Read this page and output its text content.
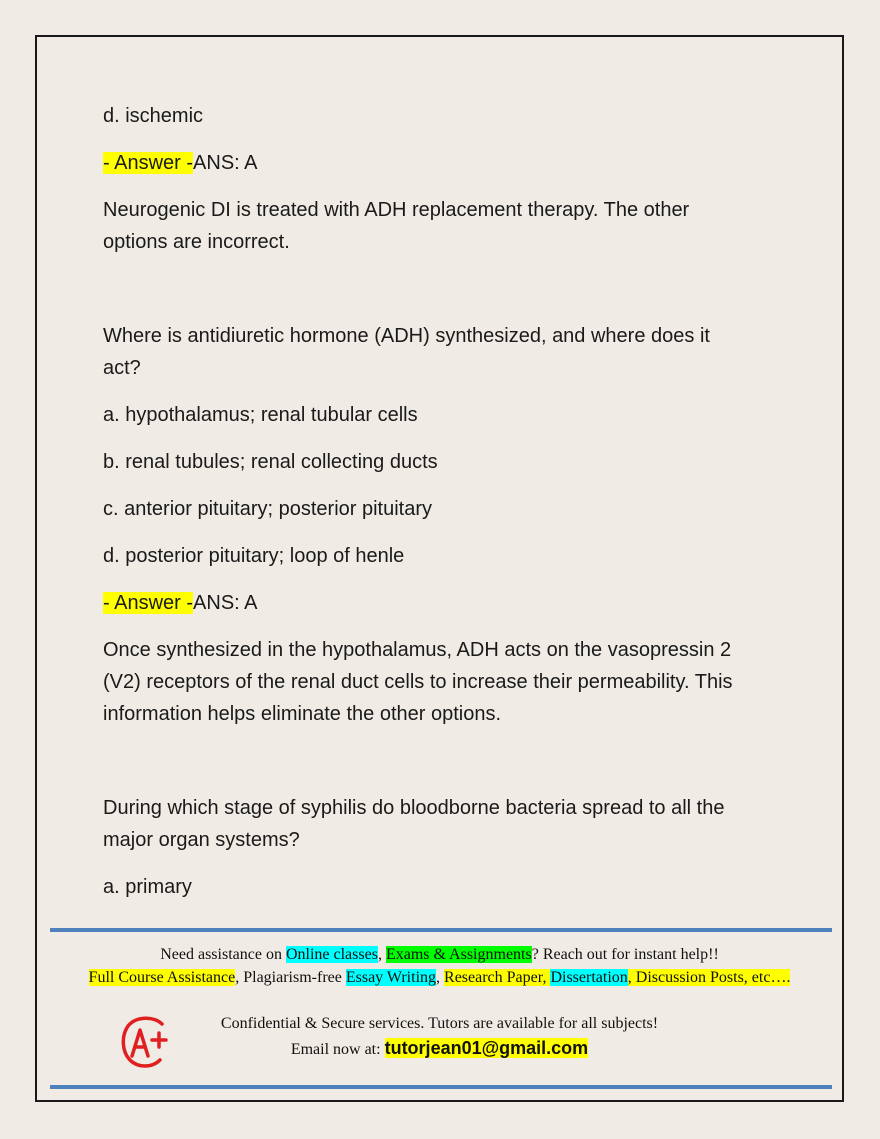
d. ischemic

- Answer -ANS: A

Neurogenic DI is treated with ADH replacement therapy. The other
options are incorrect.

Where is antidiuretic hormone (ADH) synthesized, and where does it
act?

a. hypothalamus; renal tubular cells

b. renal tubules; renal collecting ducts

c. anterior pituitary; posterior pituitary

d. posterior pituitary; loop of henle

- Answer -ANS: A

Once synthesized in the hypothalamus, ADH acts on the vasopressin 2
(V2) receptors of the renal duct cells to increase their permeability. This
information helps eliminate the other options.

During which stage of syphilis do bloodborne bacteria spread to all the
major organ systems?

a. primary

Need assistance on Online classes, Exams & Assignments? Reach out for instant help!!
Full Course Assistance, Plagiarism-free Essay Writing, Research Paper, Dissertation, Discussion Posts, etc….
Confidential & Secure services. Tutors are available for all subjects!
Email now at: tutorjean01@gmail.com
